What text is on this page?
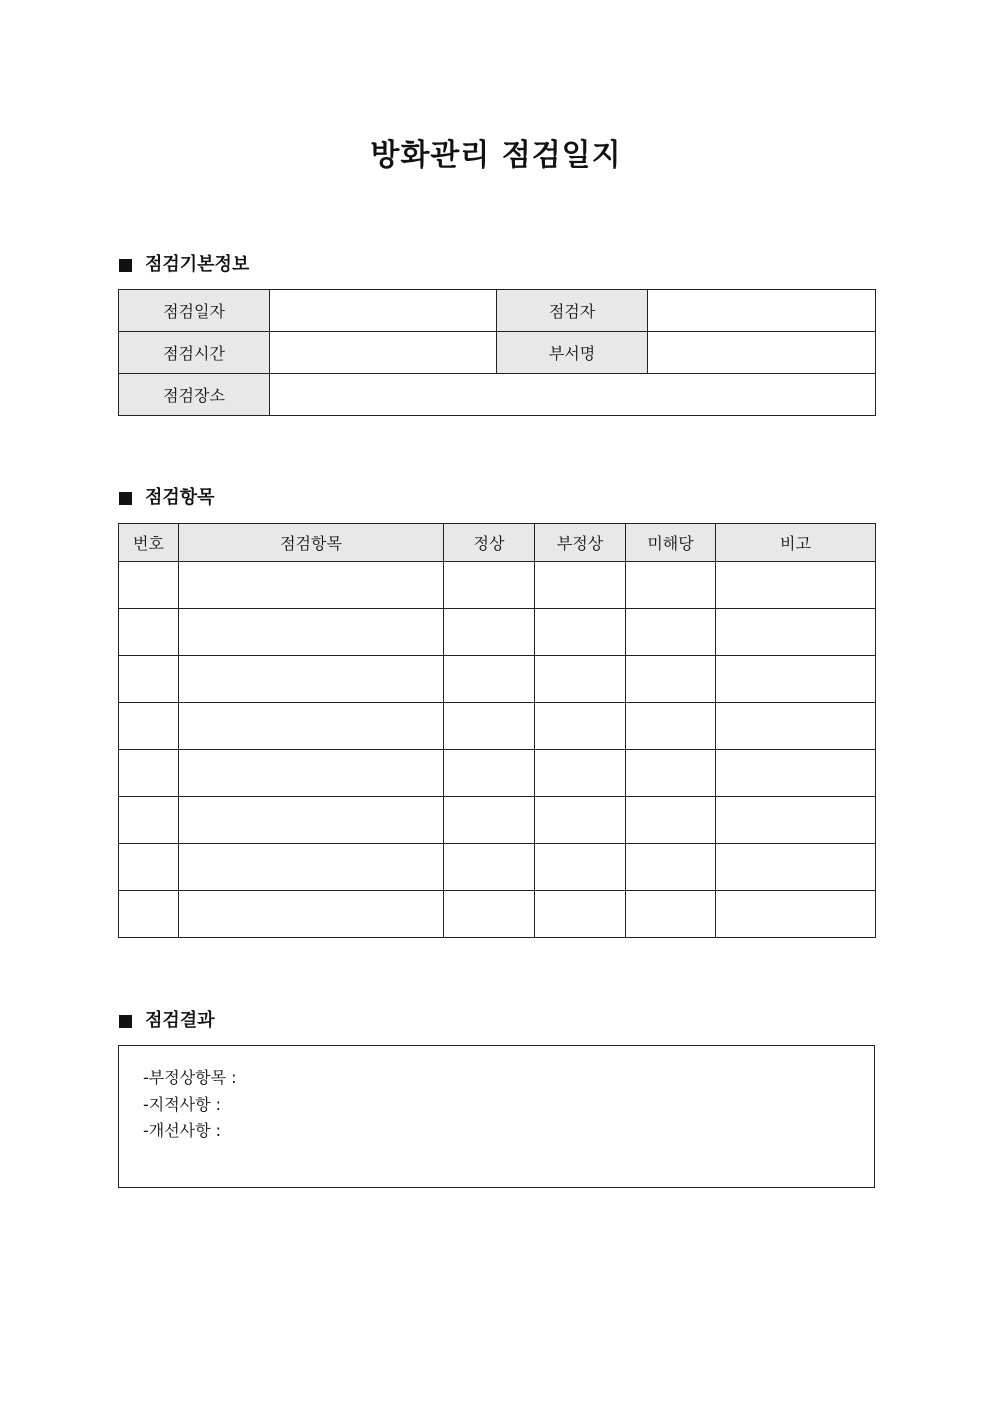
방화관리 점검일지
점검기본정보
점검일자		점검자	
점검시간		부서명	
점검장소			
점검항목
번호	점검항목	정상	부정상	미해당	비고

점검결과
-부정상항목 :
-지적사항 :
-개선사항 :
